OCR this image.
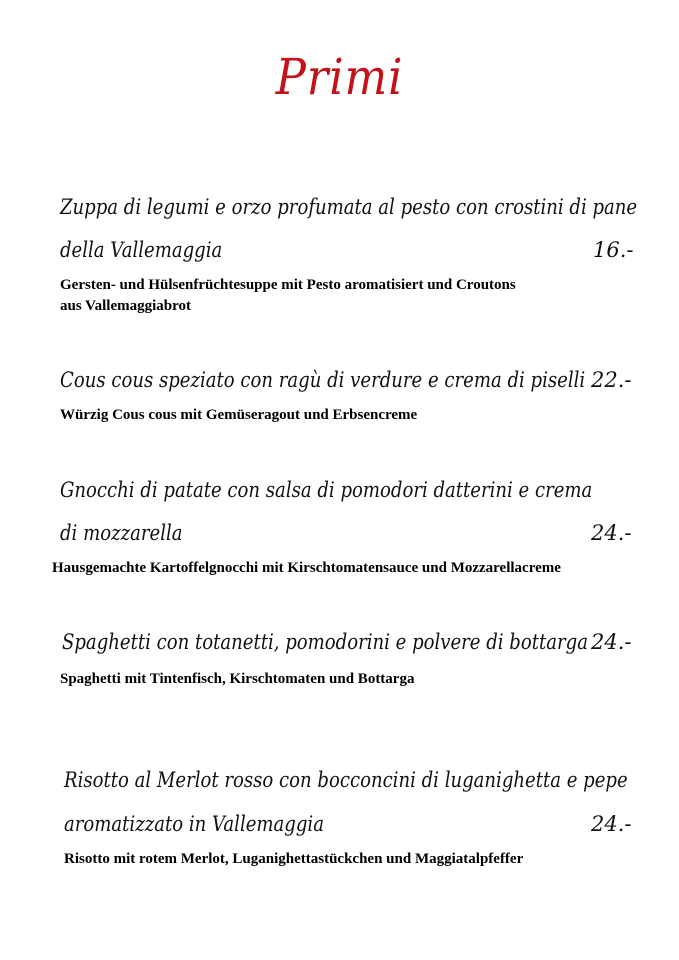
Primi
Zuppa di legumi e orzo profumata al pesto con crostini di pane
della Vallemaggia	16.-
Gersten- und Hülsenfrüchtesuppe mit Pesto aromatisiert und Croutons
aus Vallemaggiabrot
Cous cous speziato con ragù di verdure e crema di piselli 22.-
Würzig Cous cous mit Gemüseragout und Erbsencreme
Gnocchi di patate con salsa di pomodori datterini e crema
di mozzarella	24.-
Hausgemachte Kartoffelgnocchi mit Kirschtomatensauce und Mozzarellacreme
Spaghetti con totanetti, pomodorini e polvere di bottarga 24.-
Spaghetti mit Tintenfisch, Kirschtomaten und Bottarga
Risotto al Merlot rosso con bocconcini di luganighetta e pepe
aromatizzato in Vallemaggia	24.-
Risotto mit rotem Merlot, Luganighettastückchen und Maggiatalpfeffer
